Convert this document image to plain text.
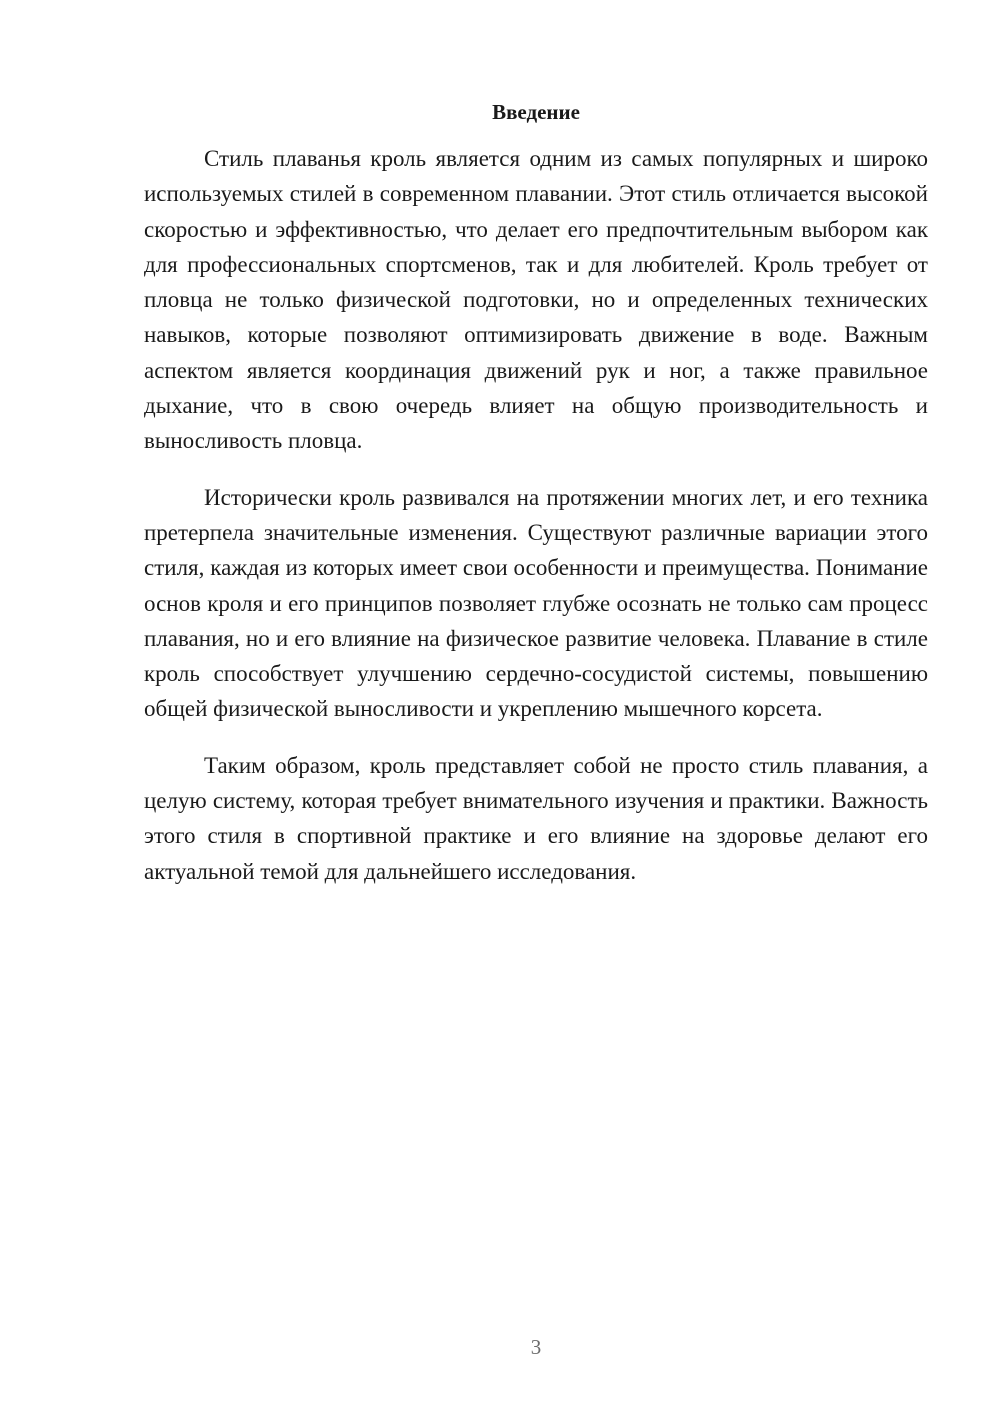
Введение

Стиль плаванья кроль является одним из самых популярных и широко используемых стилей в современном плавании. Этот стиль отличается высокой скоростью и эффективностью, что делает его предпочтительным выбором как для профессиональных спортсменов, так и для любителей. Кроль требует от пловца не только физической подготовки, но и определенных технических навыков, которые позволяют оптимизировать движение в воде. Важным аспектом является координация движений рук и ног, а также правильное дыхание, что в свою очередь влияет на общую производительность и выносливость пловца.

Исторически кроль развивался на протяжении многих лет, и его техника претерпела значительные изменения. Существуют различные вариации этого стиля, каждая из которых имеет свои особенности и преимущества. Понимание основ кроля и его принципов позволяет глубже осознать не только сам процесс плавания, но и его влияние на физическое развитие человека. Плавание в стиле кроль способствует улучшению сердечно-сосудистой системы, повышению общей физической выносливости и укреплению мышечного корсета.

Таким образом, кроль представляет собой не просто стиль плавания, а целую систему, которая требует внимательного изучения и практики. Важность этого стиля в спортивной практике и его влияние на здоровье делают его актуальной темой для дальнейшего исследования.

3
